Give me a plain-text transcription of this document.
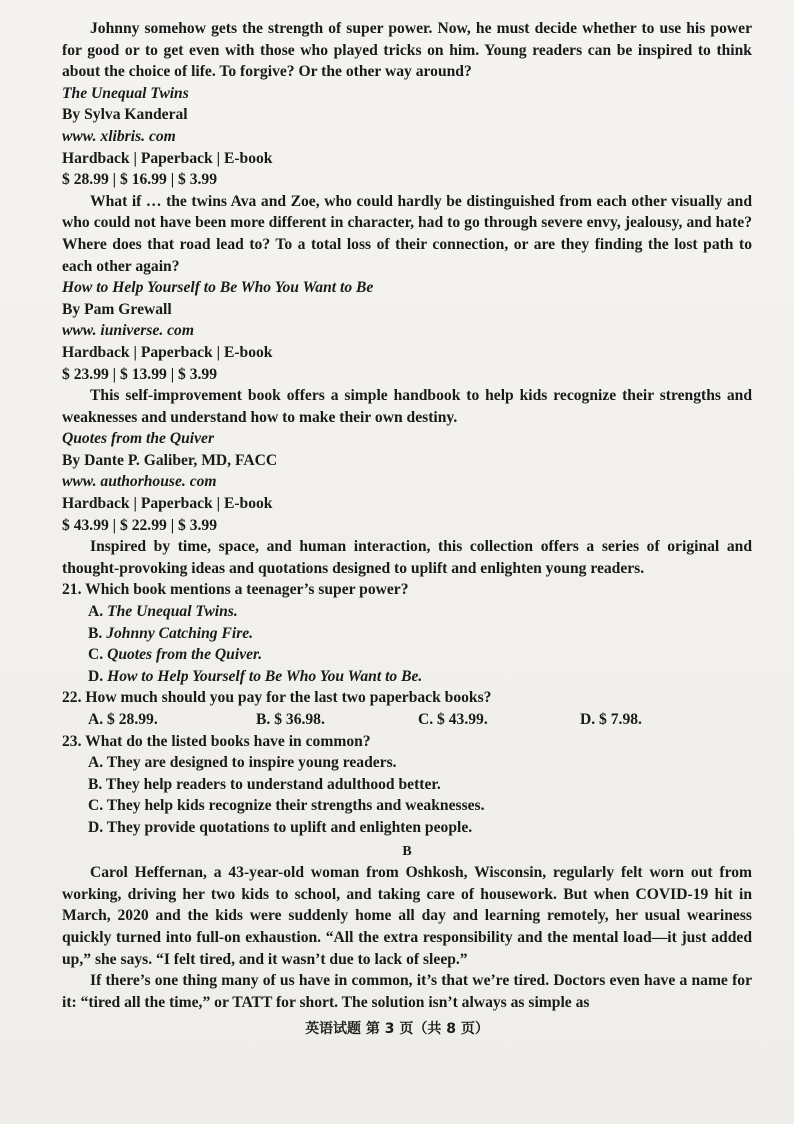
Johnny somehow gets the strength of super power. Now, he must decide whether to use his power for good or to get even with those who played tricks on him. Young readers can be inspired to think about the choice of life. To forgive? Or the other way around?

The Unequal Twins

By Sylva Kanderal

www. xlibris. com

Hardback | Paperback | E-book

$ 28.99 | $ 16.99 | $ 3.99

What if … the twins Ava and Zoe, who could hardly be distinguished from each other visually and who could not have been more different in character, had to go through severe envy, jealousy, and hate? Where does that road lead to? To a total loss of their connection, or are they finding the lost path to each other again?

How to Help Yourself to Be Who You Want to Be

By Pam Grewall

www. iuniverse. com

Hardback | Paperback | E-book

$ 23.99 | $ 13.99 | $ 3.99

This self-improvement book offers a simple handbook to help kids recognize their strengths and weaknesses and understand how to make their own destiny.

Quotes from the Quiver

By Dante P. Galiber, MD, FACC

www. authorhouse. com

Hardback | Paperback | E-book

$ 43.99 | $ 22.99 | $ 3.99

Inspired by time, space, and human interaction, this collection offers a series of original and thought-provoking ideas and quotations designed to uplift and enlighten young readers.

21. Which book mentions a teenager’s super power?

A. The Unequal Twins.

B. Johnny Catching Fire.

C. Quotes from the Quiver.

D. How to Help Yourself to Be Who You Want to Be.

22. How much should you pay for the last two paperback books?

A. $ 28.99.	B. $ 36.98.	C. $ 43.99.	D. $ 7.98.

23. What do the listed books have in common?

A. They are designed to inspire young readers.

B. They help readers to understand adulthood better.

C. They help kids recognize their strengths and weaknesses.

D. They provide quotations to uplift and enlighten people.

B

Carol Heffernan, a 43-year-old woman from Oshkosh, Wisconsin, regularly felt worn out from working, driving her two kids to school, and taking care of housework. But when COVID-19 hit in March, 2020 and the kids were suddenly home all day and learning remotely, her usual weariness quickly turned into full-on exhaustion. “All the extra responsibility and the mental load—it just added up,” she says. “I felt tired, and it wasn’t due to lack of sleep.”

If there’s one thing many of us have in common, it’s that we’re tired. Doctors even have a name for it: “tired all the time,” or TATT for short. The solution isn’t always as simple as

英语试题 第 3 页（共 8 页）
